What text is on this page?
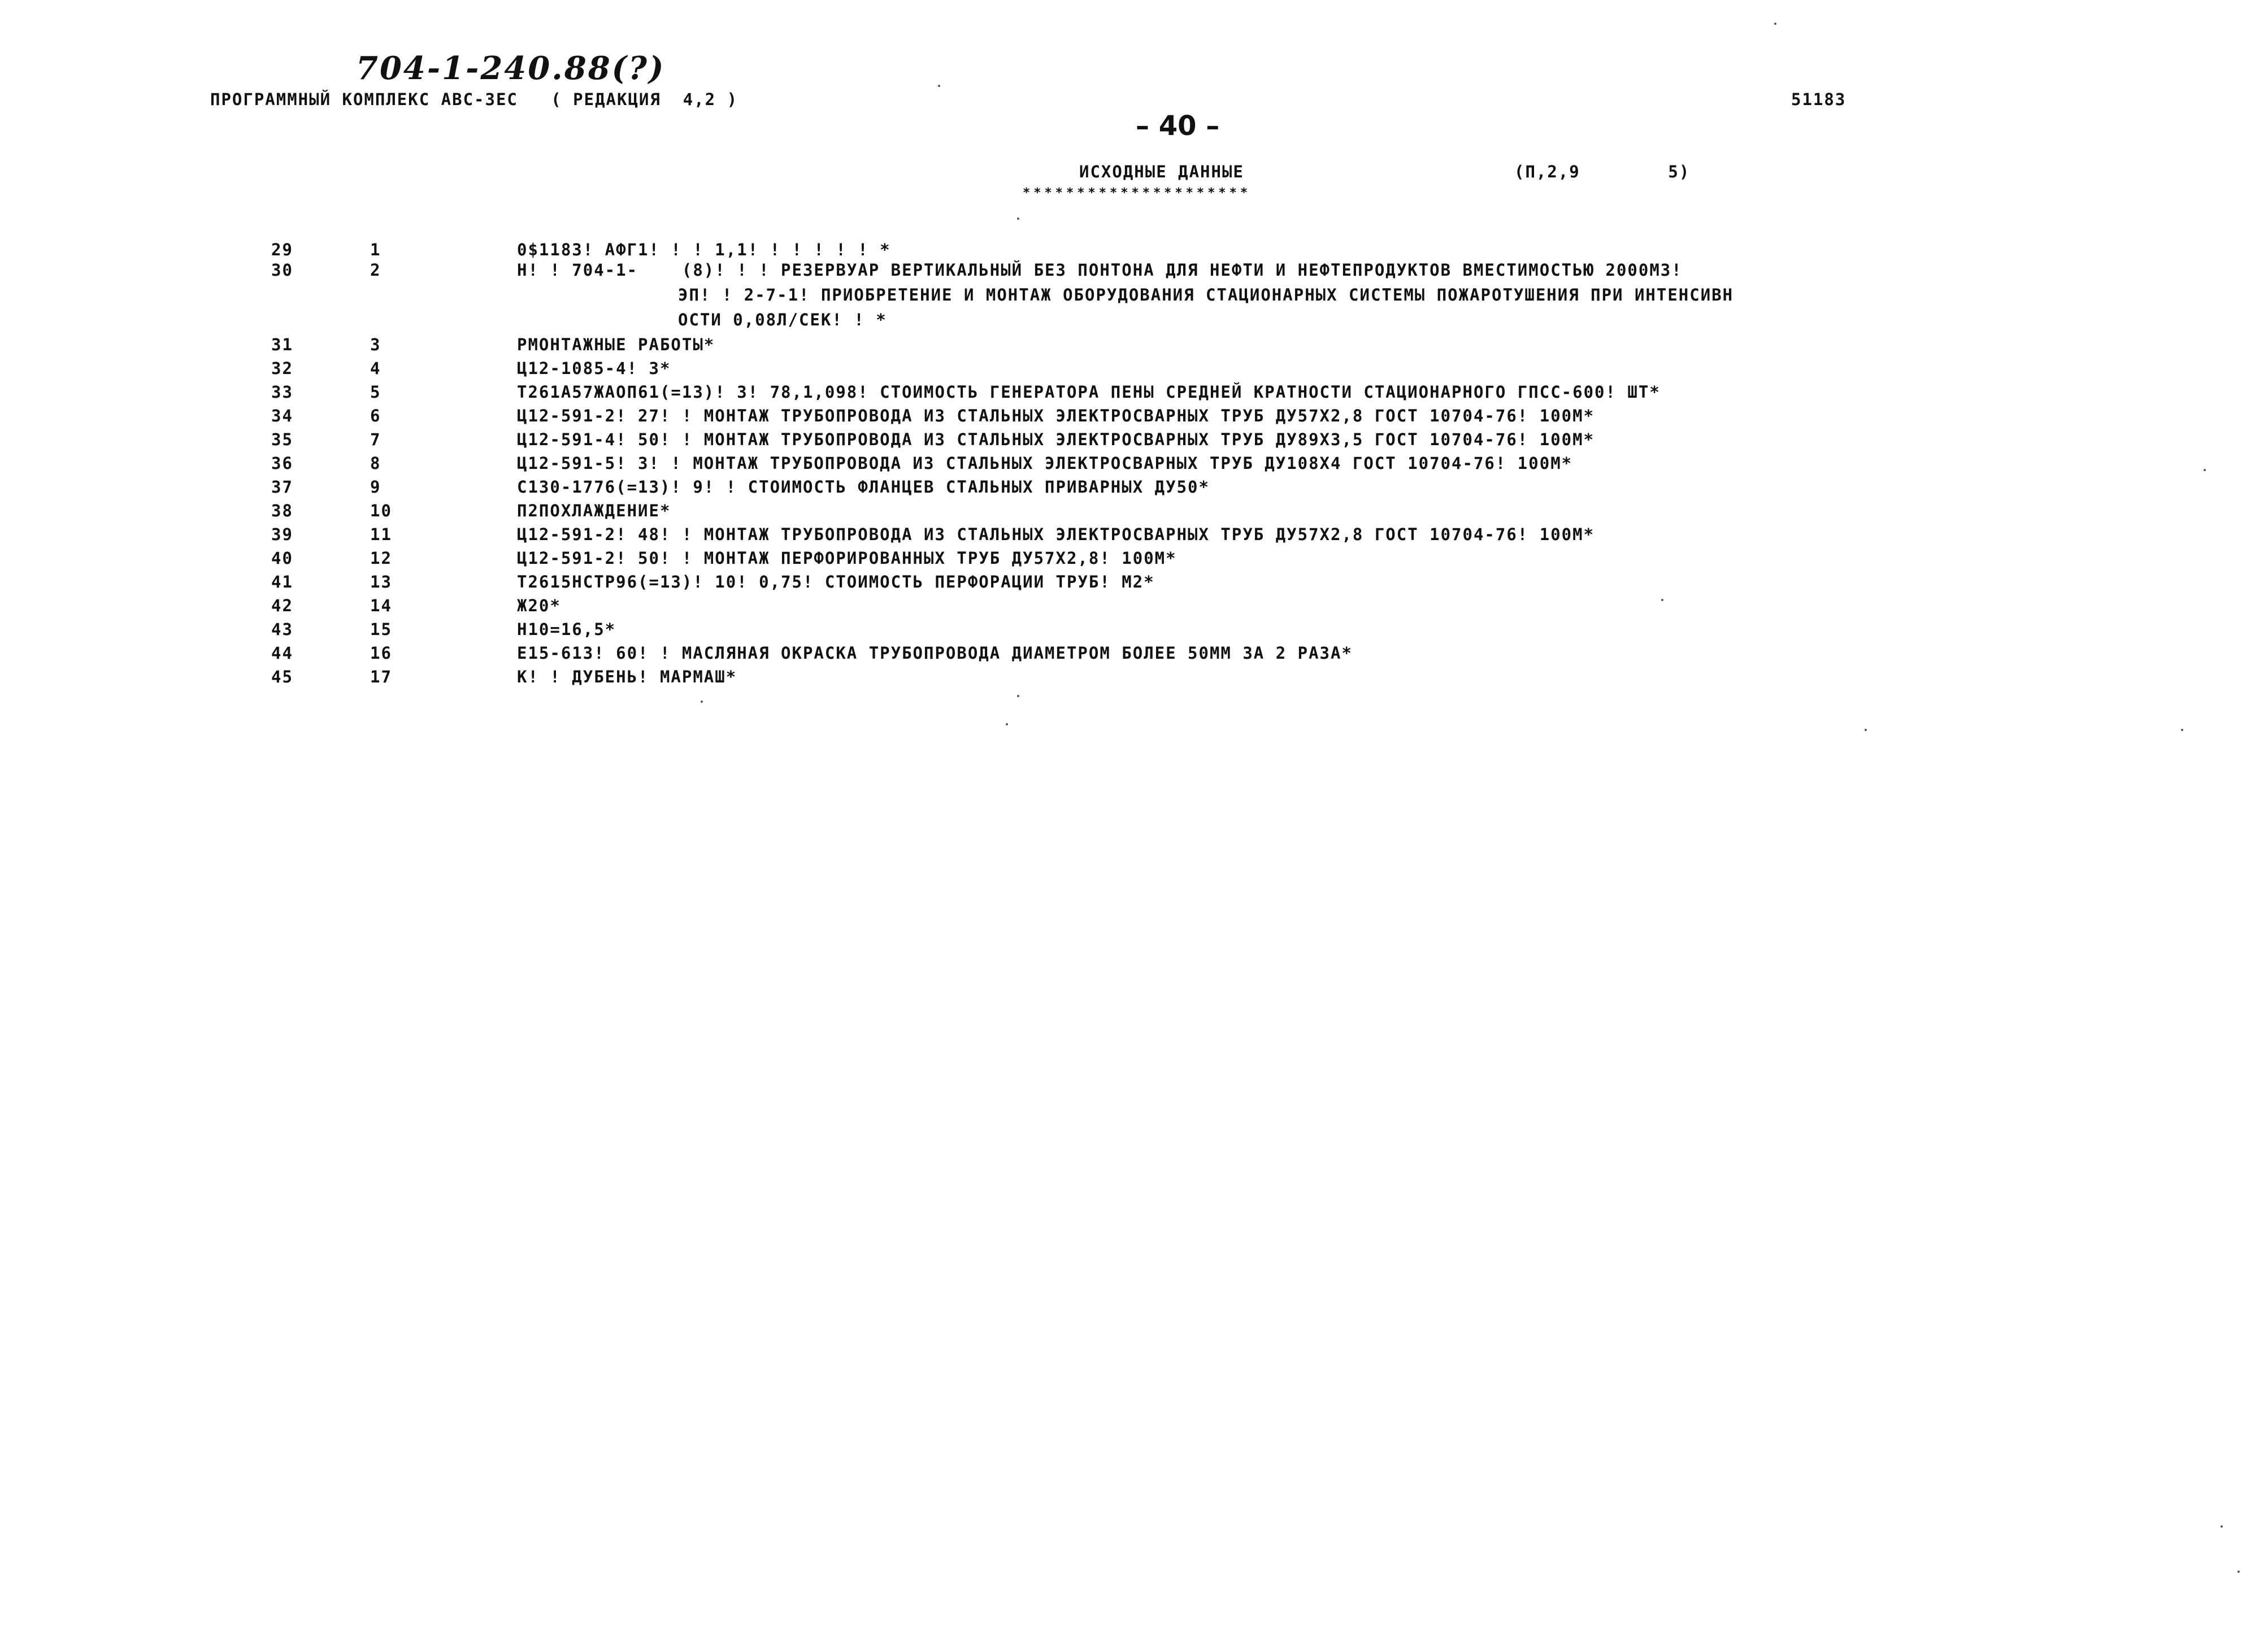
704-1-240.88(?)
ПРОГРАММНЫЙ КОМПЛЕКС АВС-ЗЕС   ( РЕДАКЦИЯ  4,2 )	51183
– 40 –
ИСХОДНЫЕ ДАННЫЕ
*********************
(П,2,9        5)
29	1	0$1183! АФГ1! ! ! 1,1! ! ! ! ! ! *
30	2	Н! ! 704-1-    (8)! ! ! РЕЗЕРВУАР ВЕРТИКАЛЬНЫЙ БЕЗ ПОНТОНА ДЛЯ НЕФТИ И НЕФТЕПРОДУКТОВ ВМЕСТИМОСТЬЮ 2000М3!
ЭП! ! 2-7-1! ПРИОБРЕТЕНИЕ И МОНТАЖ ОБОРУДОВАНИЯ СТАЦИОНАРНЫХ СИСТЕМЫ ПОЖАРОТУШЕНИЯ ПРИ ИНТЕНСИВН
ОСТИ 0,08Л/СЕК! ! *
31	3	РМОНТАЖНЫЕ РАБОТЫ*
32	4	Ц12-1085-4! 3*
33	5	Т261А57ЖАОП61(=13)! 3! 78,1,098! СТОИМОСТЬ ГЕНЕРАТОРА ПЕНЫ СРЕДНЕЙ КРАТНОСТИ СТАЦИОНАРНОГО ГПСС-600! ШТ*
34	6	Ц12-591-2! 27! ! МОНТАЖ ТРУБОПРОВОДА ИЗ СТАЛЬНЫХ ЭЛЕКТРОСВАРНЫХ ТРУБ ДУ57Х2,8 ГОСТ 10704-76! 100М*
35	7	Ц12-591-4! 50! ! МОНТАЖ ТРУБОПРОВОДА ИЗ СТАЛЬНЫХ ЭЛЕКТРОСВАРНЫХ ТРУБ ДУ89Х3,5 ГОСТ 10704-76! 100М*
36	8	Ц12-591-5! 3! ! МОНТАЖ ТРУБОПРОВОДА ИЗ СТАЛЬНЫХ ЭЛЕКТРОСВАРНЫХ ТРУБ ДУ108Х4 ГОСТ 10704-76! 100М*
37	9	С130-1776(=13)! 9! ! СТОИМОСТЬ ФЛАНЦЕВ СТАЛЬНЫХ ПРИВАРНЫХ ДУ50*
38	10	П2ПОХЛАЖДЕНИЕ*
39	11	Ц12-591-2! 48! ! МОНТАЖ ТРУБОПРОВОДА ИЗ СТАЛЬНЫХ ЭЛЕКТРОСВАРНЫХ ТРУБ ДУ57Х2,8 ГОСТ 10704-76! 100М*
40	12	Ц12-591-2! 50! ! МОНТАЖ ПЕРФОРИРОВАННЫХ ТРУБ ДУ57Х2,8! 100М*
41	13	Т2615НСТР96(=13)! 10! 0,75! СТОИМОСТЬ ПЕРФОРАЦИИ ТРУБ! М2*
42	14	Ж20*
43	15	Н10=16,5*
44	16	Е15-613! 60! ! МАСЛЯНАЯ ОКРАСКА ТРУБОПРОВОДА ДИАМЕТРОМ БОЛЕЕ 50ММ ЗА 2 РАЗА*
45	17	К! ! ДУБЕНЬ! МАРМАШ*
